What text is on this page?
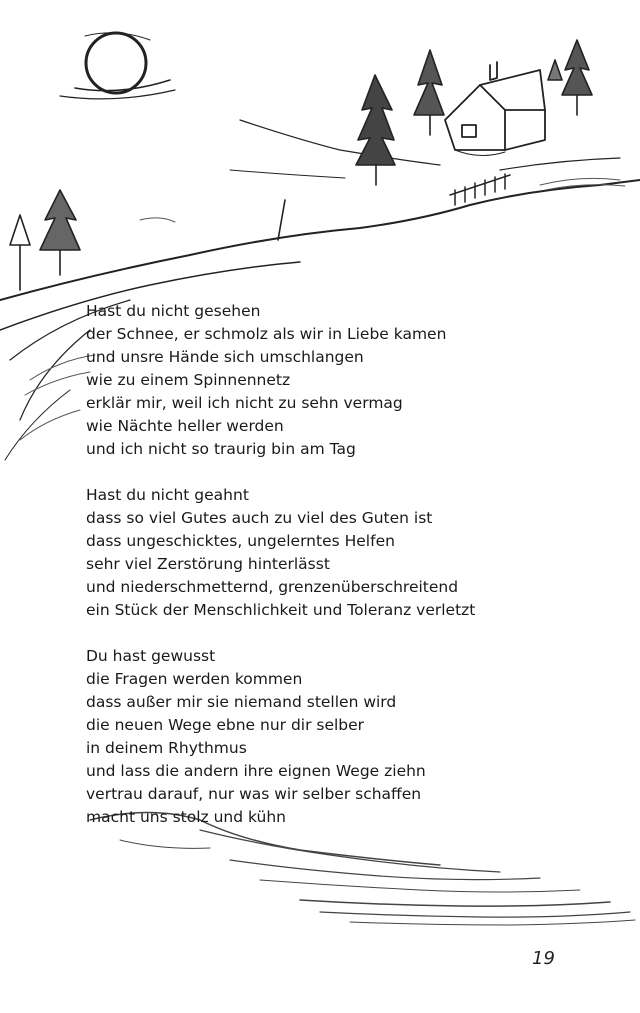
Hast du nicht gesehen
der Schnee, er schmolz als wir in Liebe kamen
und unsre Hände sich umschlangen
wie zu einem Spinnennetz
erklär mir, weil ich nicht zu sehn vermag
wie Nächte heller werden
und ich nicht so traurig bin am Tag
Hast du nicht geahnt
dass so viel Gutes auch zu viel des Guten ist
dass ungeschicktes, ungelerntes Helfen
sehr viel Zerstörung hinterlässt
und niederschmetternd, grenzenüberschreitend
ein Stück der Menschlichkeit und Toleranz verletzt
Du hast gewusst
die Fragen werden kommen
dass außer mir sie niemand stellen wird
die neuen Wege ebne nur dir selber
in deinem Rhythmus
und lass die andern ihre eignen Wege ziehn
vertrau darauf, nur was wir selber schaffen
macht uns stolz und kühn
19
